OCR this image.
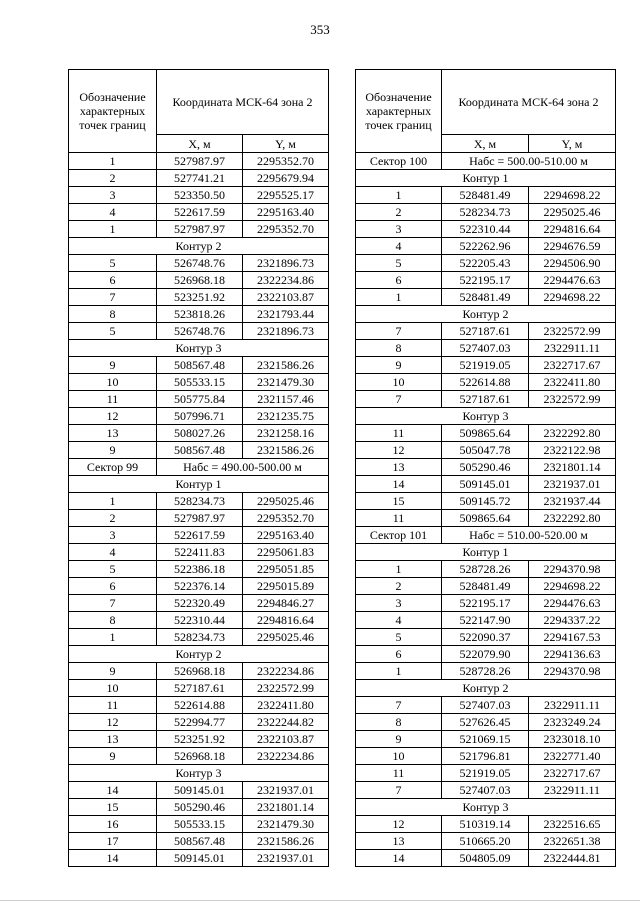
353
Обозначение характерных точек границ	Координата МСК-64 зона 2	
	X, м	Y, м
1	527987.97	2295352.70
2	527741.21	2295679.94
3	523350.50	2295525.17
4	522617.59	2295163.40
1	527987.97	2295352.70
Контур 2		
5	526748.76	2321896.73
6	526968.18	2322234.86
7	523251.92	2322103.87
8	523818.26	2321793.44
5	526748.76	2321896.73
Контур 3		
9	508567.48	2321586.26
10	505533.15	2321479.30
11	505775.84	2321157.46
12	507996.71	2321235.75
13	508027.26	2321258.16
9	508567.48	2321586.26
Сектор 99	Набс = 490.00-500.00 м	
Контур 1		
1	528234.73	2295025.46
2	527987.97	2295352.70
3	522617.59	2295163.40
4	522411.83	2295061.83
5	522386.18	2295051.85
6	522376.14	2295015.89
7	522320.49	2294846.27
8	522310.44	2294816.64
1	528234.73	2295025.46
Контур 2		
9	526968.18	2322234.86
10	527187.61	2322572.99
11	522614.88	2322411.80
12	522994.77	2322244.82
13	523251.92	2322103.87
9	526968.18	2322234.86
Контур 3		
14	509145.01	2321937.01
15	505290.46	2321801.14
16	505533.15	2321479.30
17	508567.48	2321586.26
14	509145.01	2321937.01
Обозначение характерных точек границ	Координата МСК-64 зона 2	
	X, м	Y, м
Сектор 100	Набс = 500.00-510.00 м	
Контур 1		
1	528481.49	2294698.22
2	528234.73	2295025.46
3	522310.44	2294816.64
4	522262.96	2294676.59
5	522205.43	2294506.90
6	522195.17	2294476.63
1	528481.49	2294698.22
Контур 2		
7	527187.61	2322572.99
8	527407.03	2322911.11
9	521919.05	2322717.67
10	522614.88	2322411.80
7	527187.61	2322572.99
Контур 3		
11	509865.64	2322292.80
12	505047.78	2322122.98
13	505290.46	2321801.14
14	509145.01	2321937.01
15	509145.72	2321937.44
11	509865.64	2322292.80
Сектор 101	Набс = 510.00-520.00 м	
Контур 1		
1	528728.26	2294370.98
2	528481.49	2294698.22
3	522195.17	2294476.63
4	522147.90	2294337.22
5	522090.37	2294167.53
6	522079.90	2294136.63
1	528728.26	2294370.98
Контур 2		
7	527407.03	2322911.11
8	527626.45	2323249.24
9	521069.15	2323018.10
10	521796.81	2322771.40
11	521919.05	2322717.67
7	527407.03	2322911.11
Контур 3		
12	510319.14	2322516.65
13	510665.20	2322651.38
14	504805.09	2322444.81
